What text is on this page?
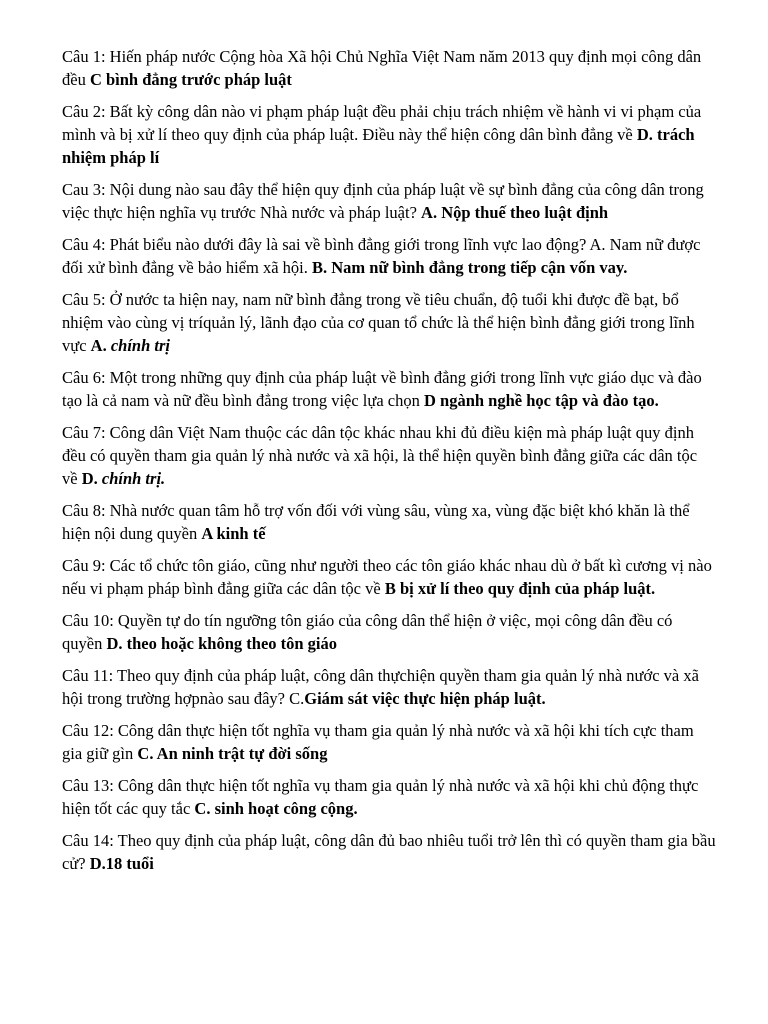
Câu 1: Hiến pháp nước Cộng hòa Xã hội Chủ Nghĩa Việt Nam năm 2013 quy định mọi công dân đều C bình đẳng trước pháp luật

Câu 2: Bất kỳ công dân nào vi phạm pháp luật đều phải chịu trách nhiệm về hành vi vi phạm của mình và bị xử lí theo quy định của pháp luật. Điều này thể hiện công dân bình đẳng về D. trách nhiệm pháp lí

Cau 3: Nội dung nào sau đây thể hiện quy định của pháp luật về sự bình đẳng của công dân trong việc thực hiện nghĩa vụ trước Nhà nước và pháp luật? A. Nộp thuế theo luật định

Câu 4: Phát biểu nào dưới đây là sai về bình đẳng giới trong lĩnh vực lao động? A. Nam nữ được đối xử bình đẳng về bảo hiểm xã hội. B. Nam nữ bình đẳng trong tiếp cận vốn vay.

Câu 5: Ở nước ta hiện nay, nam nữ bình đẳng trong về tiêu chuẩn, độ tuổi khi được đề bạt, bổ nhiệm vào cùng vị tríquản lý, lãnh đạo của cơ quan tổ chức là thể hiện bình đẳng giới trong lĩnh vực A. chính trị

Câu 6: Một trong những quy định của pháp luật về bình đẳng giới trong lĩnh vực giáo dục và đào tạo là cả nam và nữ đều bình đẳng trong việc lựa chọn D ngành nghề học tập và đào tạo.

Câu 7: Công dân Việt Nam thuộc các dân tộc khác nhau khi đủ điều kiện mà pháp luật quy định đều có quyền tham gia quản lý nhà nước và xã hội, là thể hiện quyền bình đẳng giữa các dân tộc về D. chính trị.

Câu 8: Nhà nước quan tâm hỗ trợ vốn đối với vùng sâu, vùng xa, vùng đặc biệt khó khăn là thể hiện nội dung quyền A kinh tế

Câu 9: Các tổ chức tôn giáo, cũng như người theo các tôn giáo khác nhau dù ở bất kì cương vị nào nếu vi phạm pháp bình đẳng giữa các dân tộc về B bị xử lí theo quy định của pháp luật.

Câu 10: Quyền tự do tín ngưỡng tôn giáo của công dân thể hiện ở việc, mọi công dân đều có quyền D. theo hoặc không theo tôn giáo

Câu 11: Theo quy định của pháp luật, công dân thựchiện quyền tham gia quản lý nhà nước và xã hội trong trường hợpnào sau đây? C.Giám sát việc thực hiện pháp luật.

Câu 12: Công dân thực hiện tốt nghĩa vụ tham gia quản lý nhà nước và xã hội khi tích cực tham gia giữ gìn C. An ninh trật tự đời sống

Câu 13: Công dân thực hiện tốt nghĩa vụ tham gia quản lý nhà nước và xã hội khi chủ động thực hiện tốt các quy tắc C. sinh hoạt công cộng.

Câu 14: Theo quy định của pháp luật, công dân đủ bao nhiêu tuổi trở lên thì có quyền tham gia bầu cử? D.18 tuổi
